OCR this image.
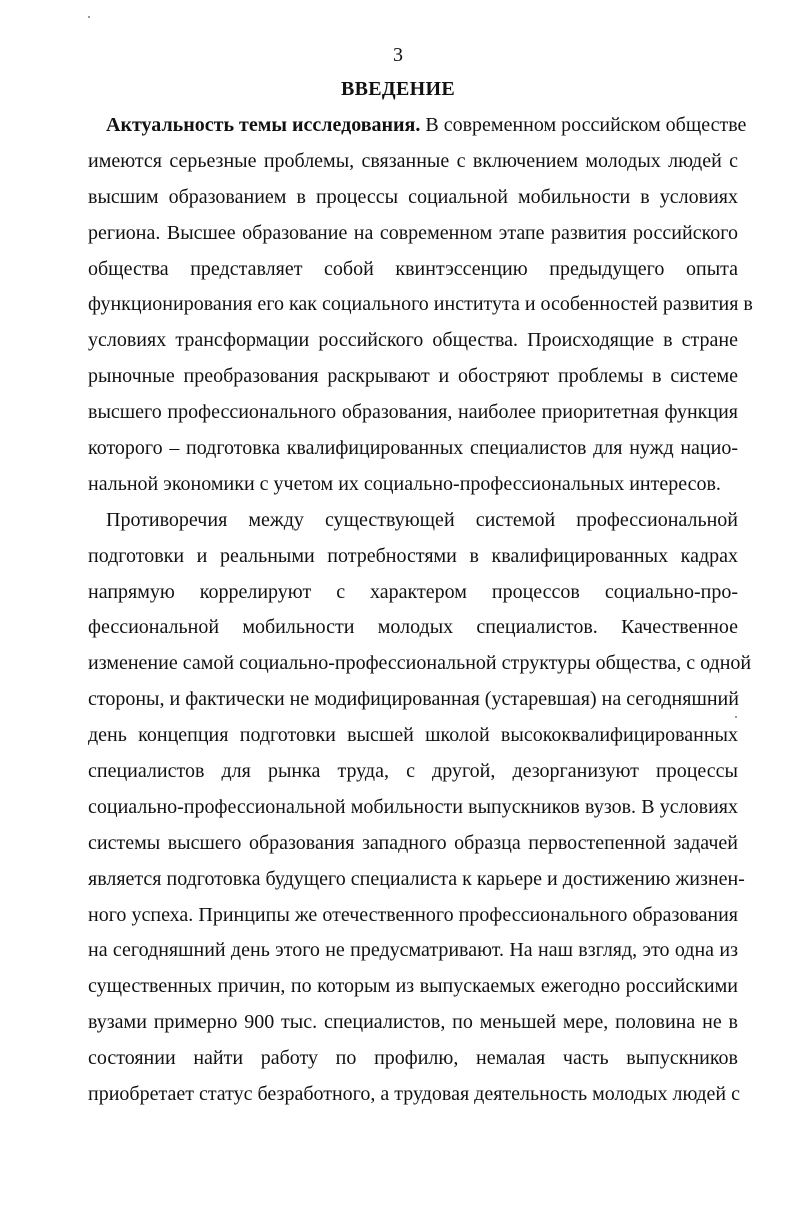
3
ВВЕДЕНИЕ
Актуальность темы исследования. В современном российском обществе
имеются серьезные проблемы, связанные с включением молодых людей с
высшим образованием в процессы социальной мобильности в условиях
региона. Высшее образование на современном этапе развития российского
общества представляет собой квинтэссенцию предыдущего опыта
функционирования его как социального института и особенностей развития в
условиях трансформации российского общества. Происходящие в стране
рыночные преобразования раскрывают и обостряют проблемы в системе
высшего профессионального образования, наиболее приоритетная функция
которого – подготовка квалифицированных специалистов для нужд нацио-
нальной экономики с учетом их социально-профессиональных интересов.
Противоречия между существующей системой профессиональной
подготовки и реальными потребностями в квалифицированных кадрах
напрямую коррелируют с характером процессов социально-про-
фессиональной мобильности молодых специалистов. Качественное
изменение самой социально-профессиональной структуры общества, с одной
стороны, и фактически не модифицированная (устаревшая) на сегодняшний
день концепция подготовки высшей школой высококвалифицированных
специалистов для рынка труда, с другой, дезорганизуют процессы
социально-профессиональной мобильности выпускников вузов. В условиях
системы высшего образования западного образца первостепенной задачей
является подготовка будущего специалиста к карьере и достижению жизнен-
ного успеха. Принципы же отечественного профессионального образования
на сегодняшний день этого не предусматривают. На наш взгляд, это одна из
существенных причин, по которым из выпускаемых ежегодно российскими
вузами примерно 900 тыс. специалистов, по меньшей мере, половина не в
состоянии найти работу по профилю, немалая часть выпускников
приобретает статус безработного, а трудовая деятельность молодых людей с
